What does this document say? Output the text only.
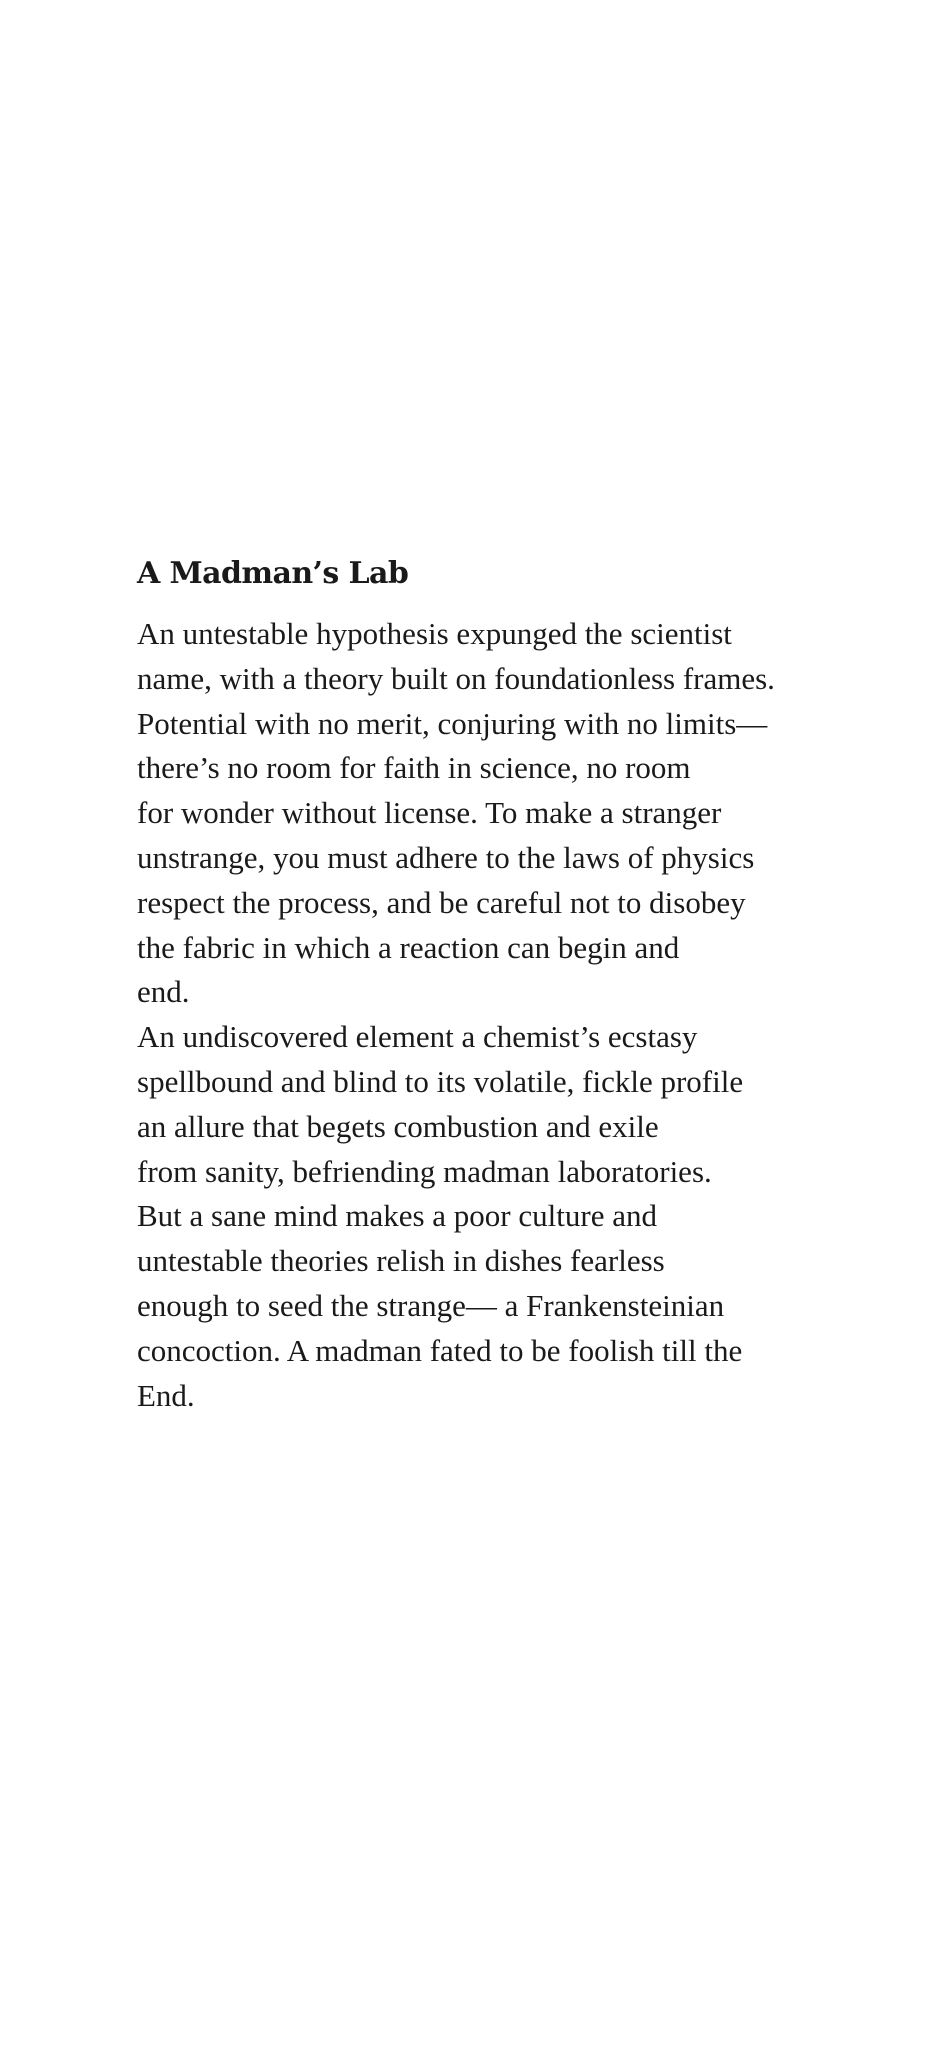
A Madman’s Lab
An untestable hypothesis expunged the scientist
name, with a theory built on foundationless frames.
Potential with no merit, conjuring with no limits—
there’s no room for faith in science, no room
for wonder without license. To make a stranger
unstrange, you must adhere to the laws of physics
respect the process, and be careful not to disobey
the fabric in which a reaction can begin and
end.
An undiscovered element a chemist’s ecstasy
spellbound and blind to its volatile, fickle profile
an allure that begets combustion and exile
from sanity, befriending madman laboratories.
But a sane mind makes a poor culture and
untestable theories relish in dishes fearless
enough to seed the strange— a Frankensteinian
concoction. A madman fated to be foolish till the
End.
